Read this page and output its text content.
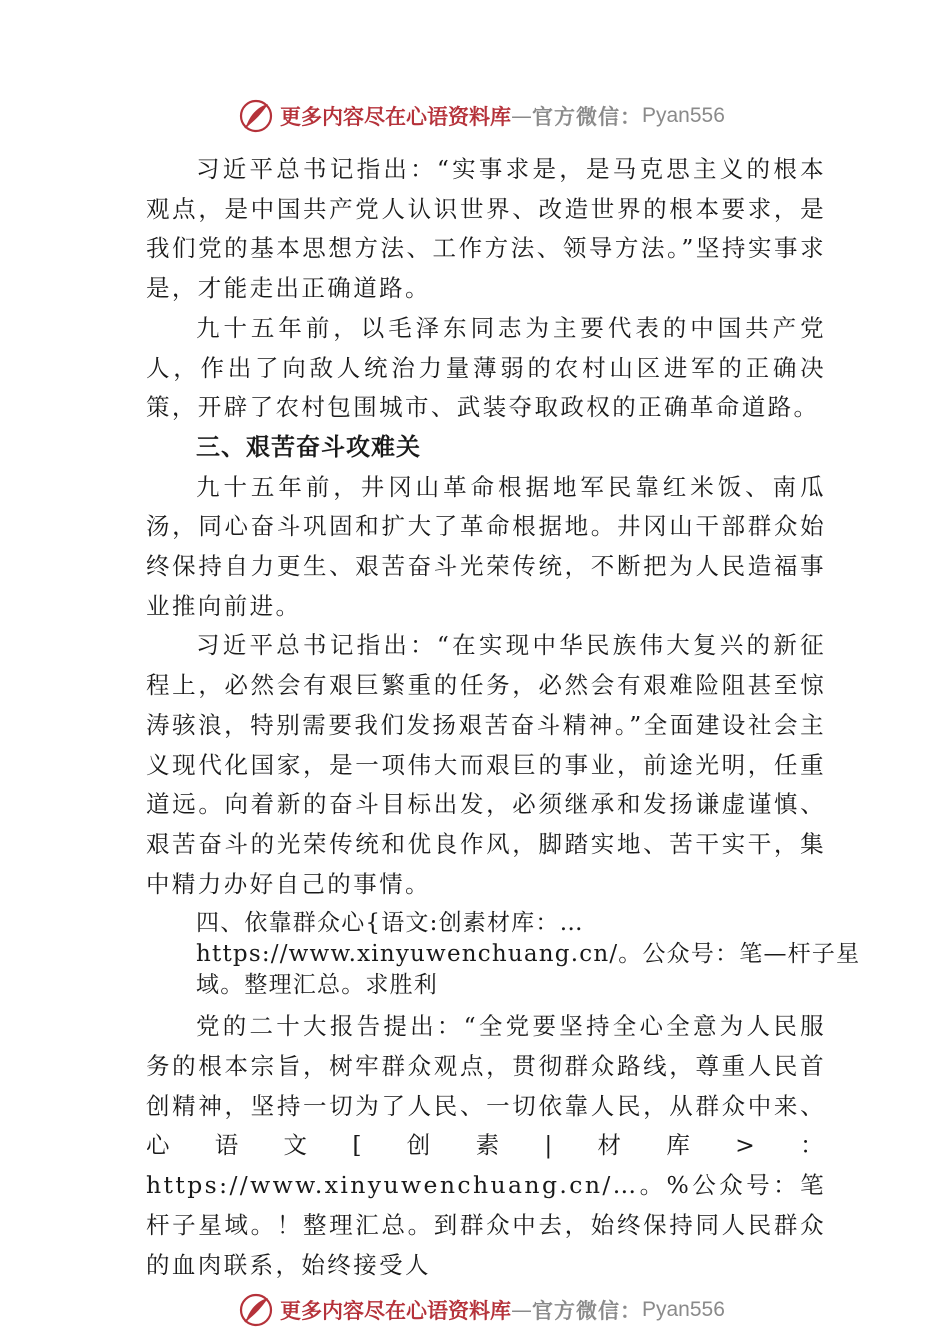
更多内容尽在心语资料库 — 官方微信： Pyan556

习近平总书记指出：“实事求是，是马克思主义的根本观点，是中国共产党人认识世界、改造世界的根本要求，是我们党的基本思想方法、工作方法、领导方法。”坚持实事求是，才能走出正确道路。

九十五年前，以毛泽东同志为主要代表的中国共产党人，作出了向敌人统治力量薄弱的农村山区进军的正确决策，开辟了农村包围城市、武装夺取政权的正确革命道路。

三、艰苦奋斗攻难关

九十五年前，井冈山革命根据地军民靠红米饭、南瓜汤，同心奋斗巩固和扩大了革命根据地。井冈山干部群众始终保持自力更生、艰苦奋斗光荣传统，不断把为人民造福事业推向前进。

习近平总书记指出：“在实现中华民族伟大复兴的新征程上，必然会有艰巨繁重的任务，必然会有艰难险阻甚至惊涛骇浪，特别需要我们发扬艰苦奋斗精神。”全面建设社会主义现代化国家，是一项伟大而艰巨的事业，前途光明，任重道远。向着新的奋斗目标出发，必须继承和发扬谦虚谨慎、 艰苦奋斗的光荣传统和优良作风，脚踏实地、苦干实干，集中精力办好自己的事情。

四、依靠群众心{语文:创素材库：…https://www.xinyuwenchuang.cn/。公众号：笔—杆子星域。整理汇总。求胜利

党的二十大报告提出：“全党要坚持全心全意为人民服务的根本宗旨，树牢群众观点，贯彻群众路线，尊重人民首创精神，坚持一切为了人民、一切依靠人民，从群众中来、心语文[创素|材库>：https://www.xinyuwenchuang.cn/…。%公众号：笔杆子星域。！整理汇总。到群众中去，始终保持同人民群众的血肉联系，始终接受人

更多内容尽在心语资料库 — 官方微信： Pyan556
